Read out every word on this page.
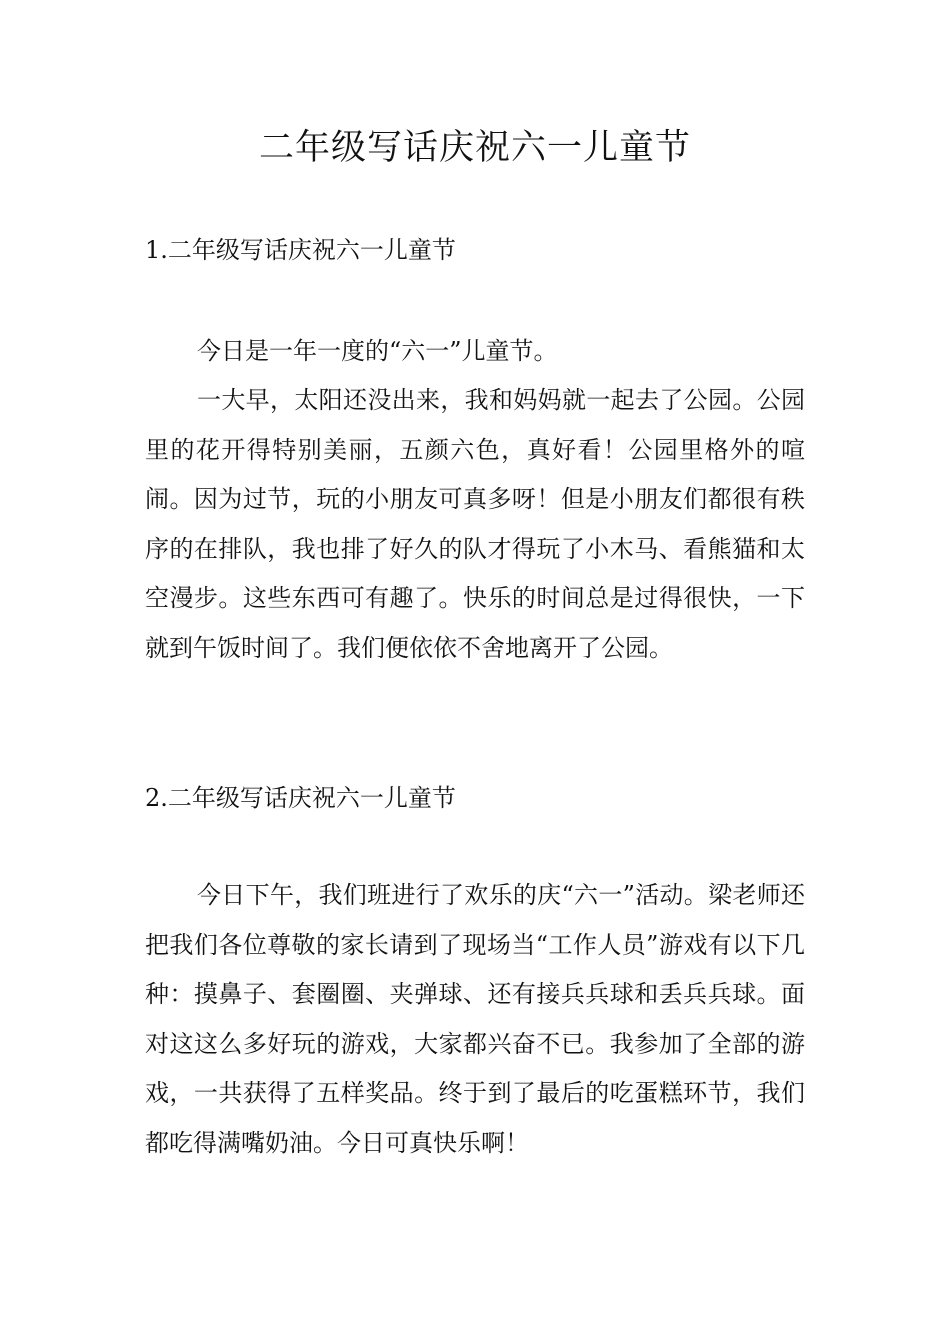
二年级写话庆祝六一儿童节

1.二年级写话庆祝六一儿童节

今日是一年一度的“六一”儿童节。

一大早，太阳还没出来，我和妈妈就一起去了公园。公园里的花开得特别美丽，五颜六色，真好看！公园里格外的喧闹。因为过节，玩的小朋友可真多呀！但是小朋友们都很有秩序的在排队，我也排了好久的队才得玩了小木马、看熊猫和太空漫步。这些东西可有趣了。快乐的时间总是过得很快，一下就到午饭时间了。我们便依依不舍地离开了公园。

2.二年级写话庆祝六一儿童节

今日下午，我们班进行了欢乐的庆“六一”活动。梁老师还把我们各位尊敬的家长请到了现场当“工作人员”游戏有以下几种：摸鼻子、套圈圈、夹弹球、还有接兵兵球和丢兵兵球。面对这这么多好玩的游戏，大家都兴奋不已。我参加了全部的游戏，一共获得了五样奖品。终于到了最后的吃蛋糕环节，我们都吃得满嘴奶油。今日可真快乐啊！
